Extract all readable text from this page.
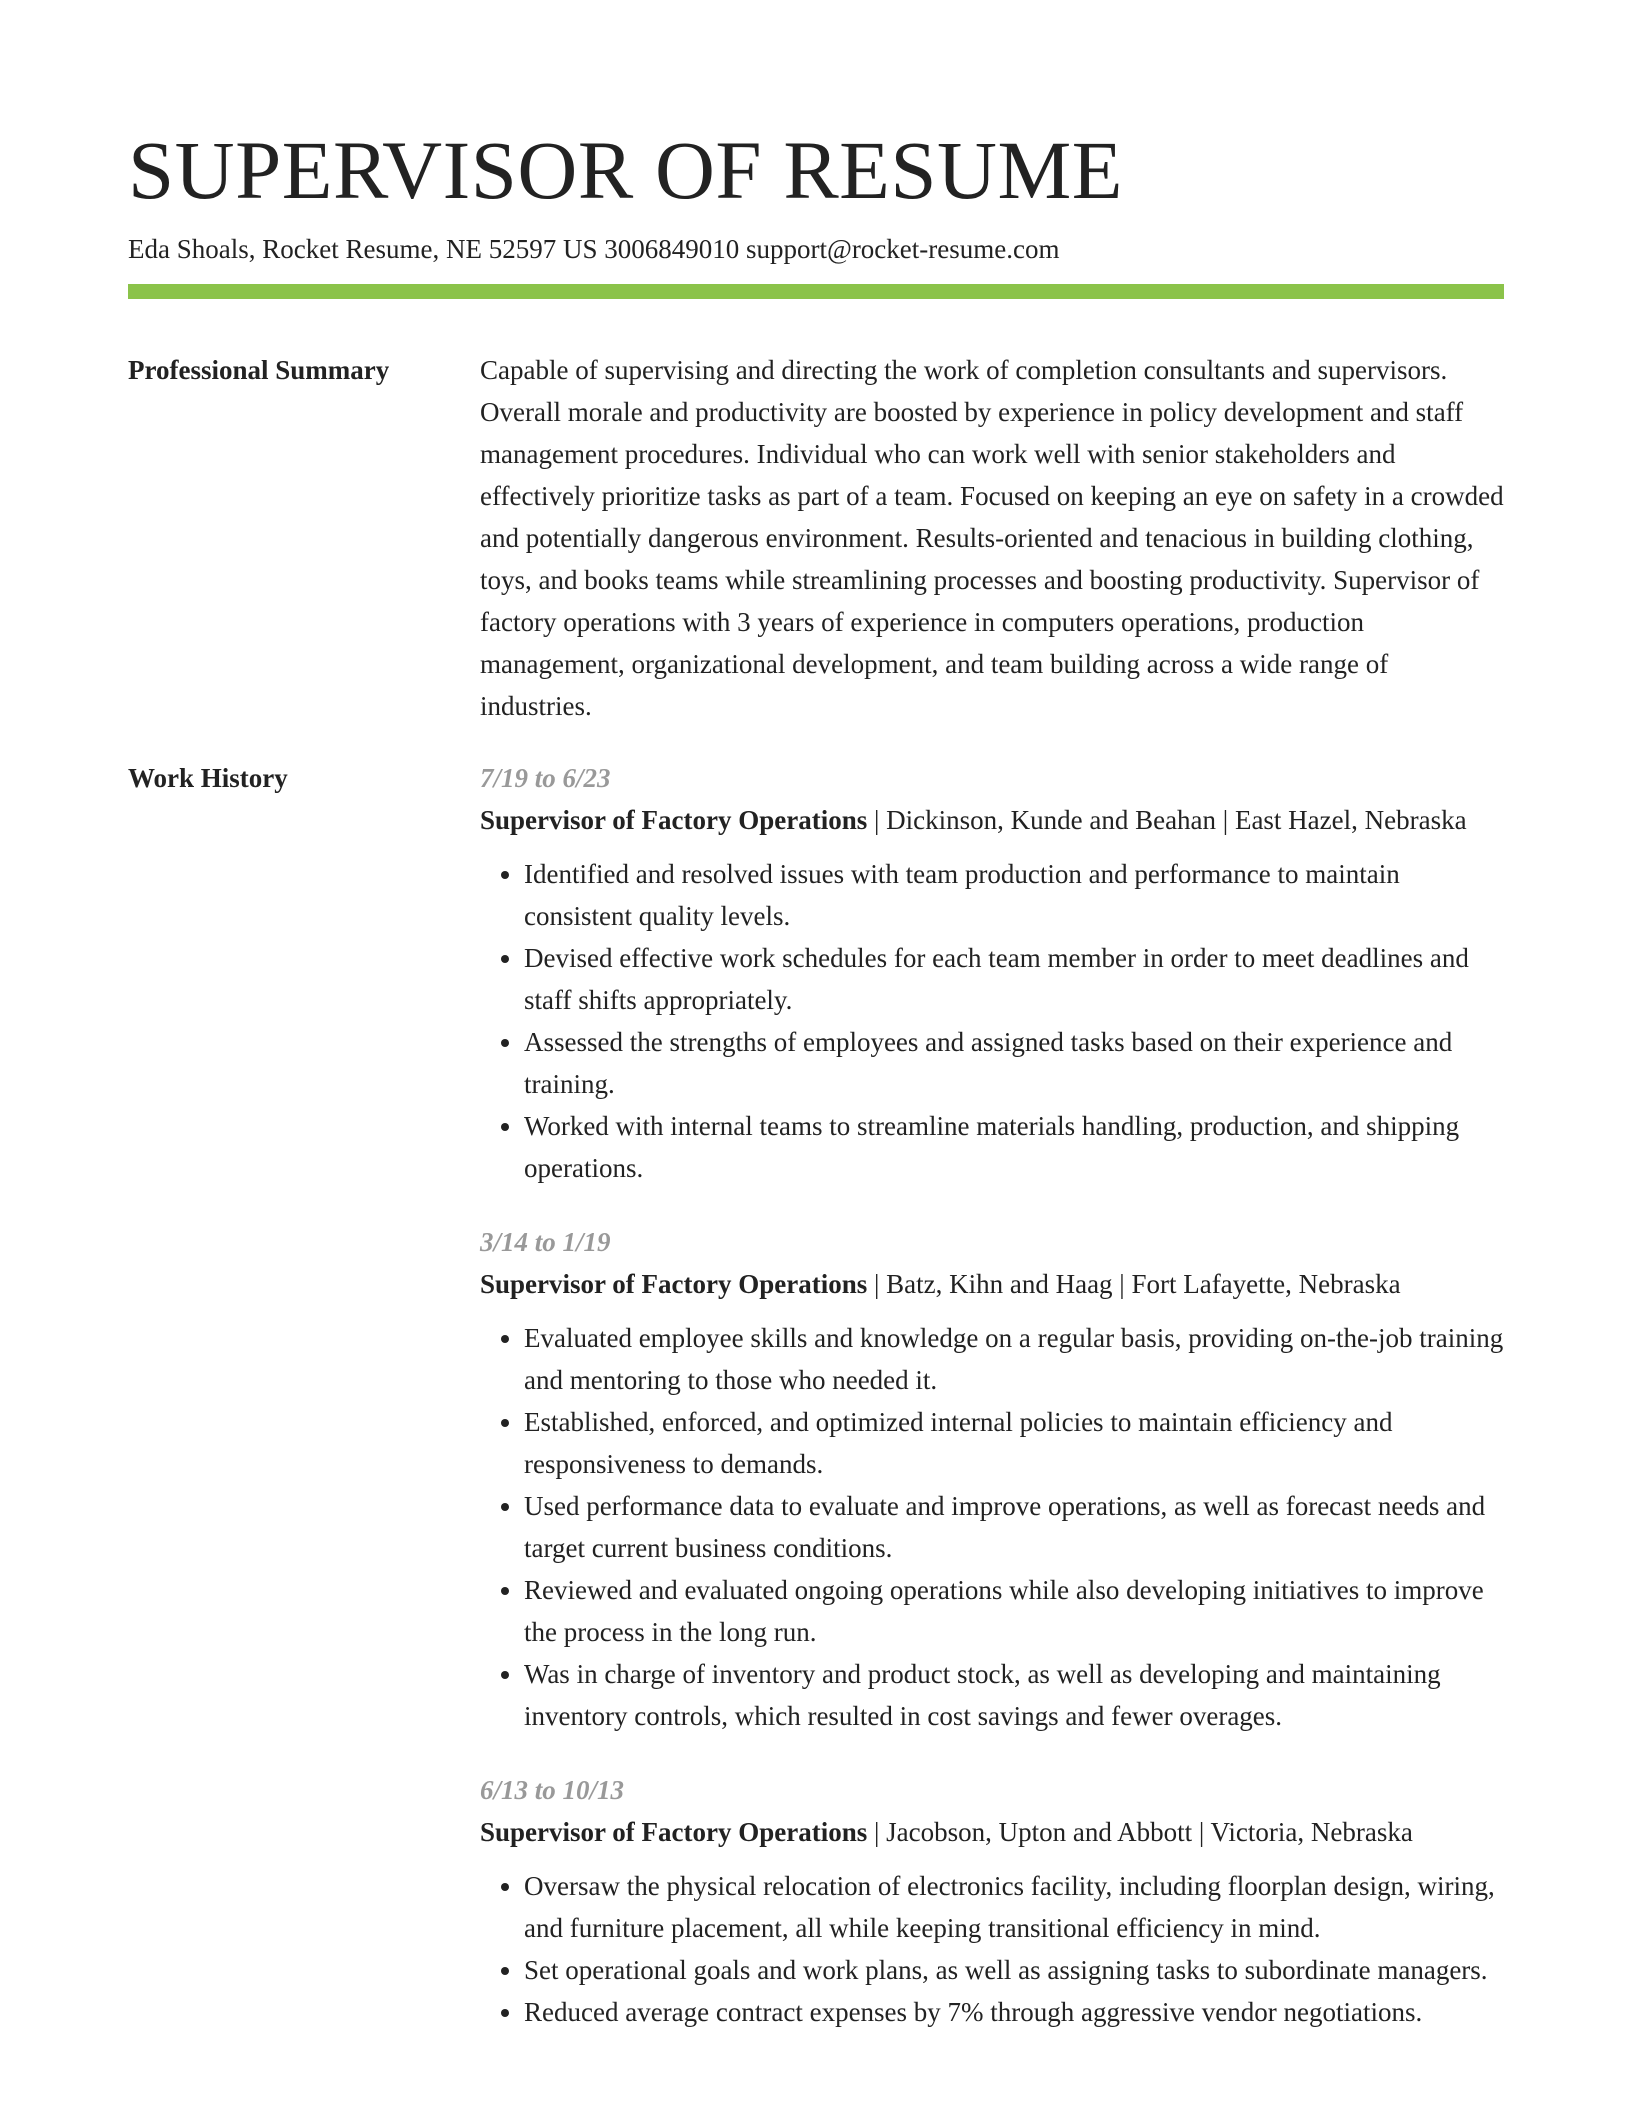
SUPERVISOR OF RESUME
Eda Shoals, Rocket Resume, NE 52597 US 3006849010 support@rocket-resume.com
Professional Summary	Capable of supervising and directing the work of completion consultants and supervisors. Overall morale and productivity are boosted by experience in policy development and staff management procedures. Individual who can work well with senior stakeholders and effectively prioritize tasks as part of a team. Focused on keeping an eye on safety in a crowded and potentially dangerous environment. Results-oriented and tenacious in building clothing, toys, and books teams while streamlining processes and boosting productivity. Supervisor of factory operations with 3 years of experience in computers operations, production management, organizational development, and team building across a wide range of industries.

Work History	7/19 to 6/23

Supervisor of Factory Operations | Dickinson, Kunde and Beahan | East Hazel, Nebraska

• Identified and resolved issues with team production and performance to maintain consistent quality levels.
• Devised effective work schedules for each team member in order to meet deadlines and staff shifts appropriately.
• Assessed the strengths of employees and assigned tasks based on their experience and training.
• Worked with internal teams to streamline materials handling, production, and shipping operations.
3/14 to 1/19

Supervisor of Factory Operations | Batz, Kihn and Haag | Fort Lafayette, Nebraska

• Evaluated employee skills and knowledge on a regular basis, providing on-the-job training and mentoring to those who needed it.
• Established, enforced, and optimized internal policies to maintain efficiency and responsiveness to demands.
• Used performance data to evaluate and improve operations, as well as forecast needs and target current business conditions.
• Reviewed and evaluated ongoing operations while also developing initiatives to improve the process in the long run.
• Was in charge of inventory and product stock, as well as developing and maintaining inventory controls, which resulted in cost savings and fewer overages.
6/13 to 10/13

Supervisor of Factory Operations | Jacobson, Upton and Abbott | Victoria, Nebraska

• Oversaw the physical relocation of electronics facility, including floorplan design, wiring, and furniture placement, all while keeping transitional efficiency in mind.
• Set operational goals and work plans, as well as assigning tasks to subordinate managers.
• Reduced average contract expenses by 7% through aggressive vendor negotiations.
